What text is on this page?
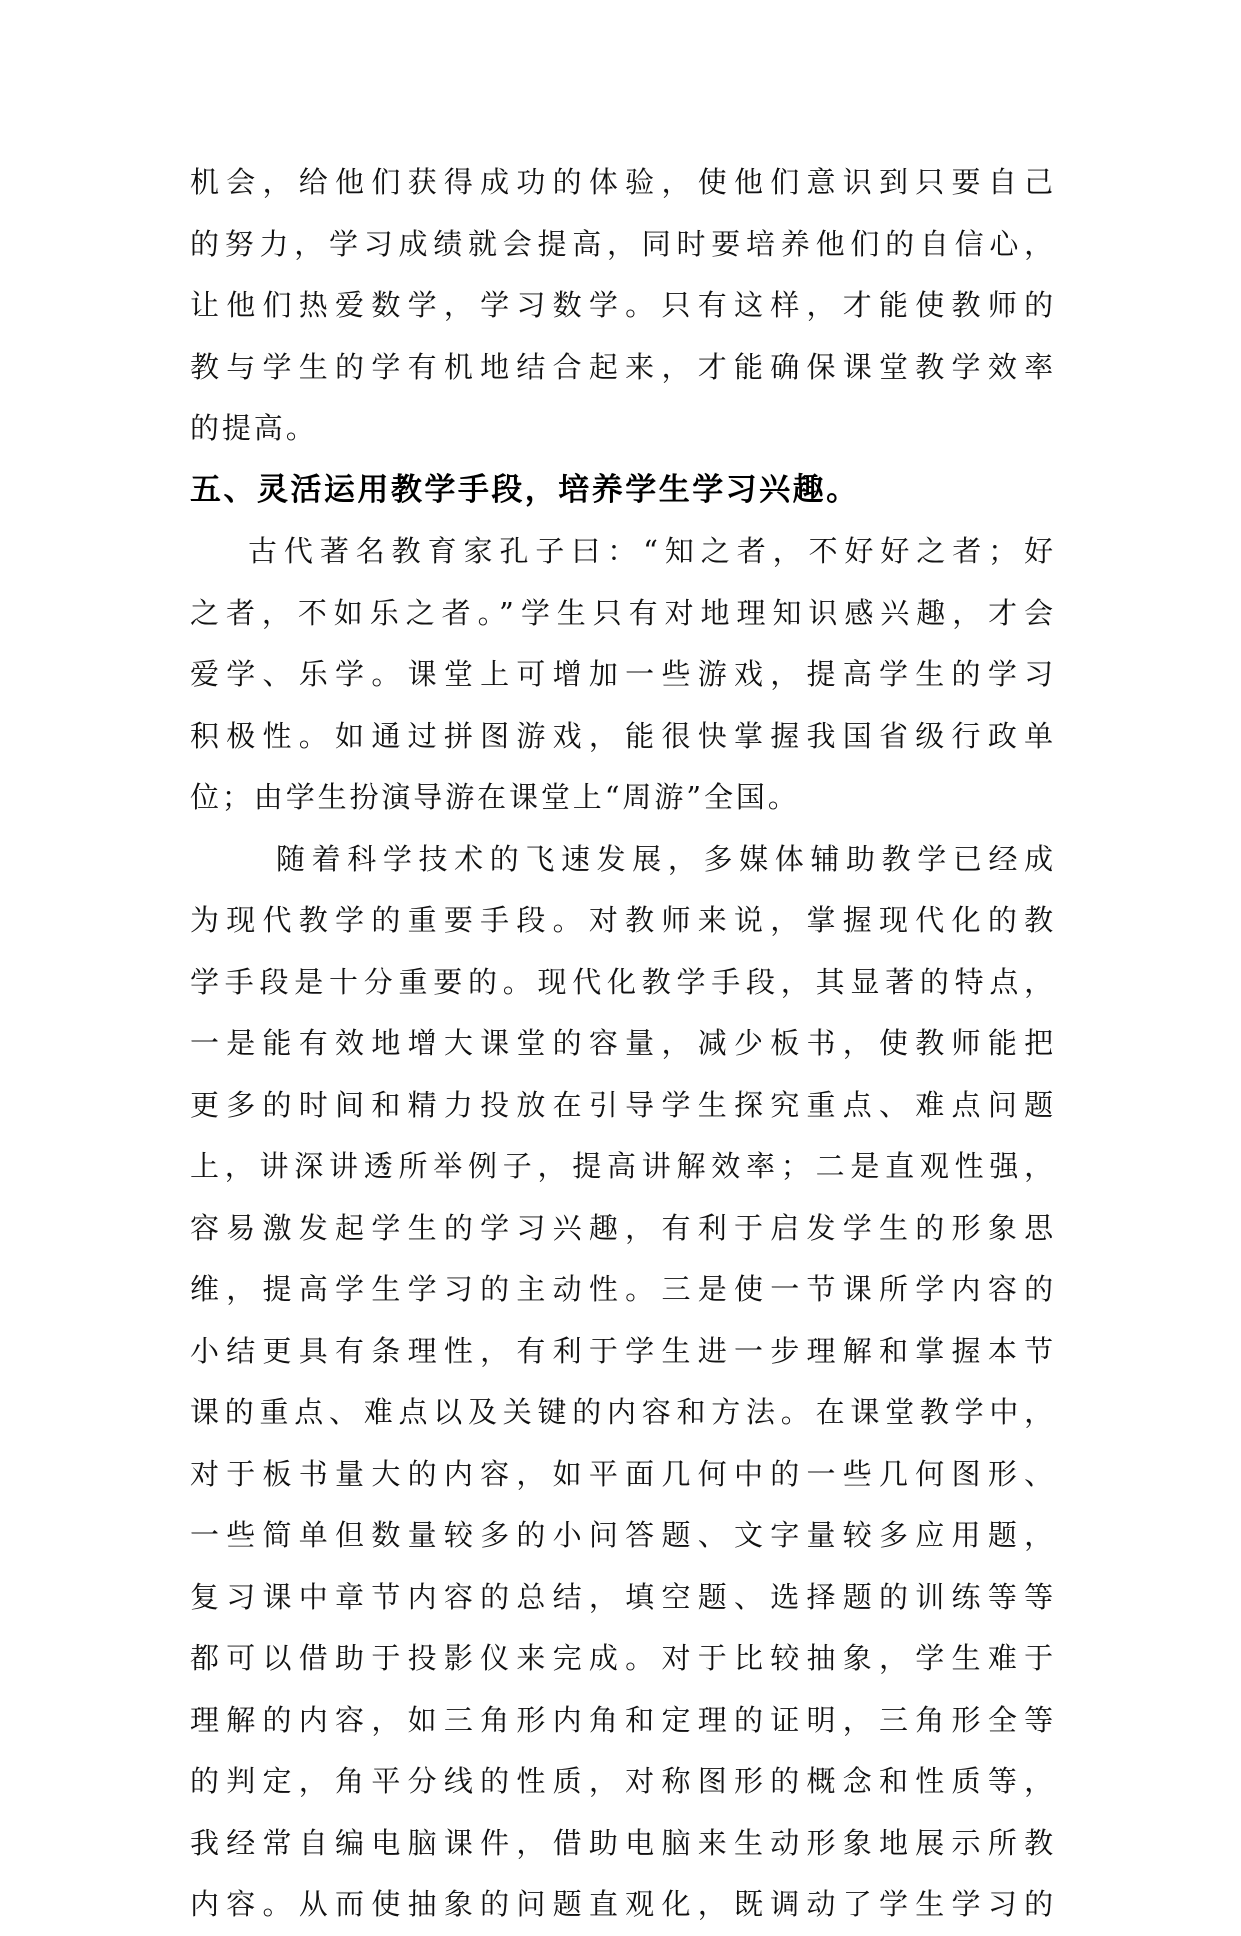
机会，给他们获得成功的体验，使他们意识到只要自己
的努力，学习成绩就会提高，同时要培养他们的自信心，
让他们热爱数学，学习数学。只有这样，才能使教师的
教与学生的学有机地结合起来，才能确保课堂教学效率
的提高。
五、灵活运用教学手段，培养学生学习兴趣。
古代著名教育家孔子曰：“知之者，不好好之者；好
之者，不如乐之者。”学生只有对地理知识感兴趣，才会
爱学、乐学。课堂上可增加一些游戏，提高学生的学习
积极性。如通过拼图游戏，能很快掌握我国省级行政单
位；由学生扮演导游在课堂上“周游”全国。
随着科学技术的飞速发展，多媒体辅助教学已经成
为现代教学的重要手段。对教师来说，掌握现代化的教
学手段是十分重要的。现代化教学手段，其显著的特点，
一是能有效地增大课堂的容量，减少板书，使教师能把
更多的时间和精力投放在引导学生探究重点、难点问题
上，讲深讲透所举例子，提高讲解效率；二是直观性强，
容易激发起学生的学习兴趣，有利于启发学生的形象思
维，提高学生学习的主动性。三是使一节课所学内容的
小结更具有条理性，有利于学生进一步理解和掌握本节
课的重点、难点以及关键的内容和方法。在课堂教学中，
对于板书量大的内容，如平面几何中的一些几何图形、
一些简单但数量较多的小问答题、文字量较多应用题，
复习课中章节内容的总结，填空题、选择题的训练等等
都可以借助于投影仪来完成。对于比较抽象，学生难于
理解的内容，如三角形内角和定理的证明，三角形全等
的判定，角平分线的性质，对称图形的概念和性质等，
我经常自编电脑课件，借助电脑来生动形象地展示所教
内容。从而使抽象的问题直观化，既调动了学生学习的
